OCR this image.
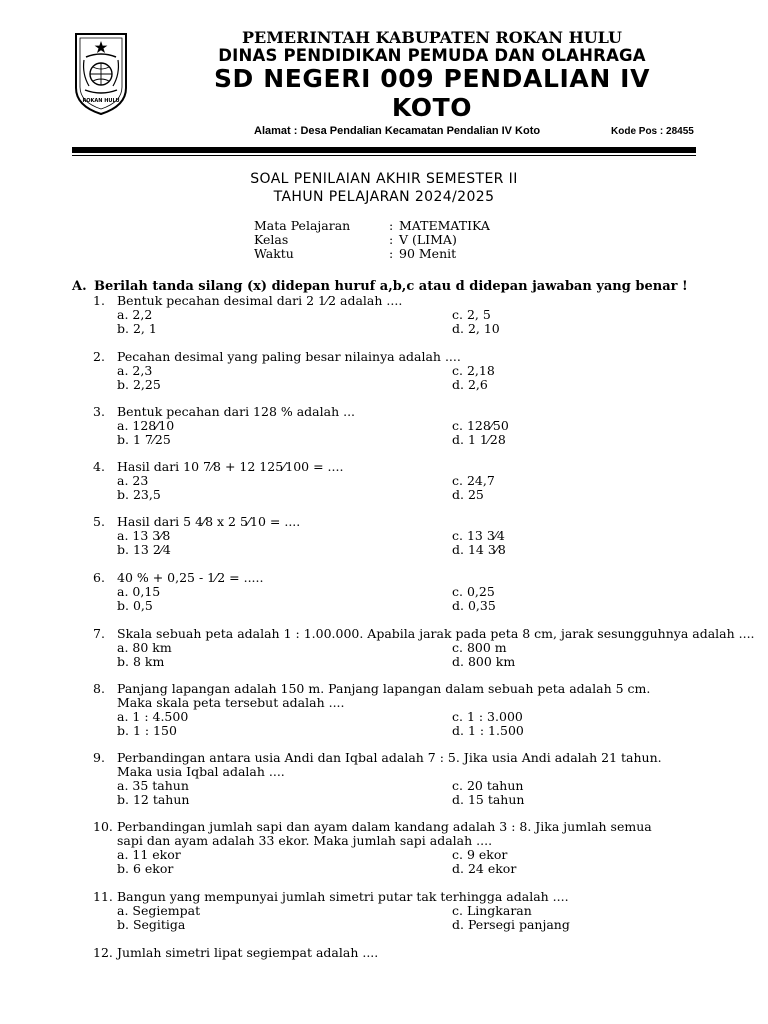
ROKAN HULU
PEMERINTAH KABUPATEN ROKAN HULU
DINAS PENDIDIKAN PEMUDA DAN OLAHRAGA
SD NEGERI 009 PENDALIAN IV
KOTO
Alamat : Desa Pendalian Kecamatan Pendalian IV Koto	Kode Pos : 28455
SOAL PENILAIAN AKHIR SEMESTER II
TAHUN PELAJARAN 2024/2025
Mata Pelajaran	: MATEMATIKA
Kelas	: V (LIMA)
Waktu	: 90 Menit
A. Berilah tanda silang (x) didepan huruf a,b,c atau d didepan jawaban yang benar !
1. Bentuk pecahan desimal dari 2 1⁄2 adalah ....
a. 2,2	c. 2, 5
b. 2, 1	d. 2, 10
2. Pecahan desimal yang paling besar nilainya adalah ....
a. 2,3	c. 2,18
b. 2,25	d. 2,6
3. Bentuk pecahan dari 128 % adalah ...
a. 128⁄10	c. 128⁄50
b. 1 7⁄25	d. 1 1⁄28
4. Hasil dari 10 7⁄8 + 12 125⁄100 = ....
a. 23	c. 24,7
b. 23,5	d. 25
5. Hasil dari 5 4⁄8 x 2 5⁄10 = ....
a. 13 3⁄8	c. 13 3⁄4
b. 13 2⁄4	d. 14 3⁄8
6. 40 % + 0,25 - 1⁄2 = .....
a. 0,15	c. 0,25
b. 0,5	d. 0,35
7. Skala sebuah peta adalah 1 : 1.00.000. Apabila jarak pada peta 8 cm, jarak sesungguhnya adalah ....
a. 80 km	c. 800 m
b. 8 km	d. 800 km
8. Panjang lapangan adalah 150 m. Panjang lapangan dalam sebuah peta adalah 5 cm. Maka skala peta tersebut adalah ....
a. 1 : 4.500	c. 1 : 3.000
b. 1 : 150	d. 1 : 1.500
9. Perbandingan antara usia Andi dan Iqbal adalah 7 : 5. Jika usia Andi adalah 21 tahun. Maka usia Iqbal adalah ....
a. 35 tahun	c. 20 tahun
b. 12 tahun	d. 15 tahun
10. Perbandingan jumlah sapi dan ayam dalam kandang adalah 3 : 8. Jika jumlah semua sapi dan ayam adalah 33 ekor. Maka jumlah sapi adalah ....
a. 11 ekor	c. 9 ekor
b. 6 ekor	d. 24 ekor
11. Bangun yang mempunyai jumlah simetri putar tak terhingga adalah ....
a. Segiempat	c. Lingkaran
b. Segitiga	d. Persegi panjang
12. Jumlah simetri lipat segiempat adalah ....
